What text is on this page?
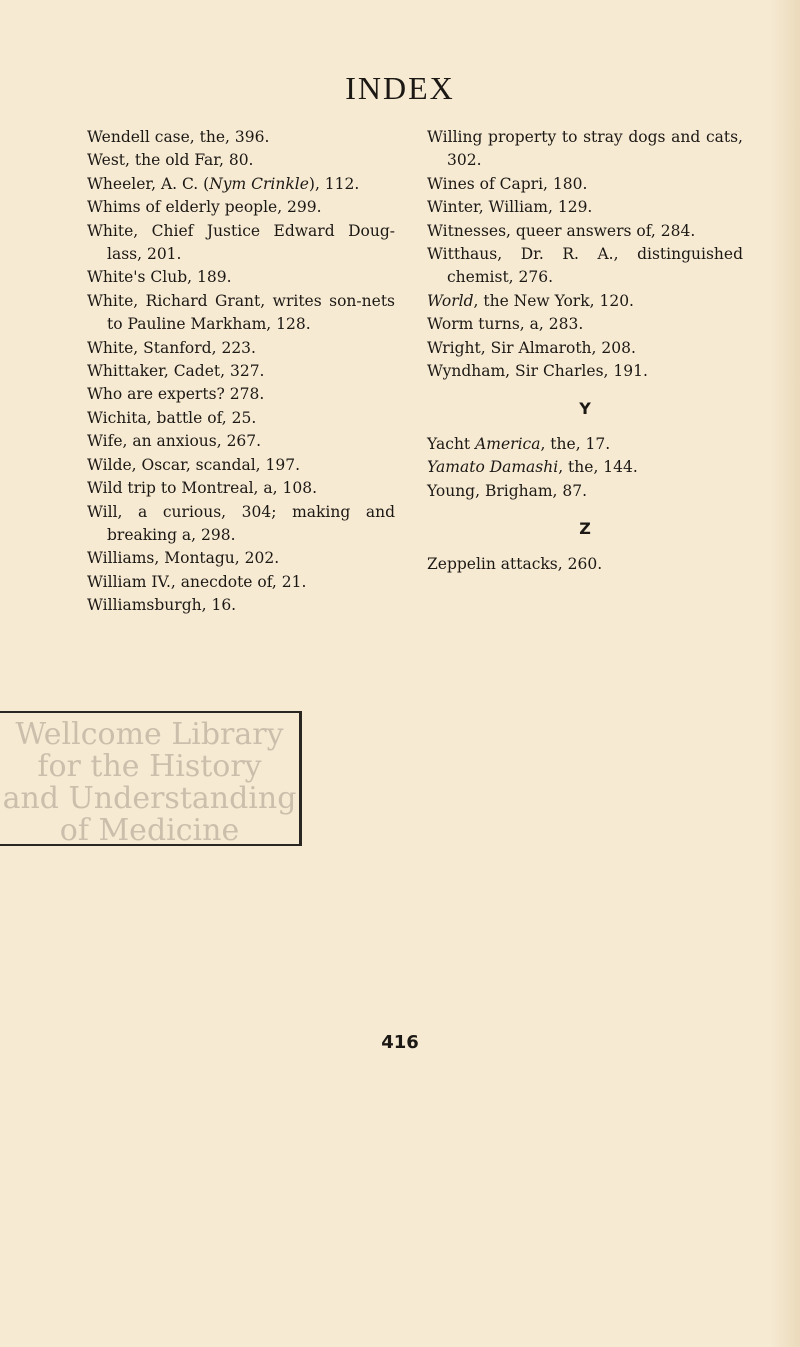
INDEX
Wendell case, the, 396.
West, the old Far, 80.
Wheeler, A. C. (Nym Crinkle), 112.
Whims of elderly people, 299.
White, Chief Justice Edward Doug-lass, 201.
White's Club, 189.
White, Richard Grant, writes son-nets to Pauline Markham, 128.
White, Stanford, 223.
Whittaker, Cadet, 327.
Who are experts? 278.
Wichita, battle of, 25.
Wife, an anxious, 267.
Wilde, Oscar, scandal, 197.
Wild trip to Montreal, a, 108.
Will, a curious, 304; making and breaking a, 298.
Williams, Montagu, 202.
William IV., anecdote of, 21.
Williamsburgh, 16.
Willing property to stray dogs and cats, 302.
Wines of Capri, 180.
Winter, William, 129.
Witnesses, queer answers of, 284.
Witthaus, Dr. R. A., distinguished chemist, 276.
World, the New York, 120.
Worm turns, a, 283.
Wright, Sir Almaroth, 208.
Wyndham, Sir Charles, 191.
Y
Yacht America, the, 17.
Yamato Damashi, the, 144.
Young, Brigham, 87.
Z
Zeppelin attacks, 260.
Wellcome Library
for the History
and Understanding
of Medicine
416
